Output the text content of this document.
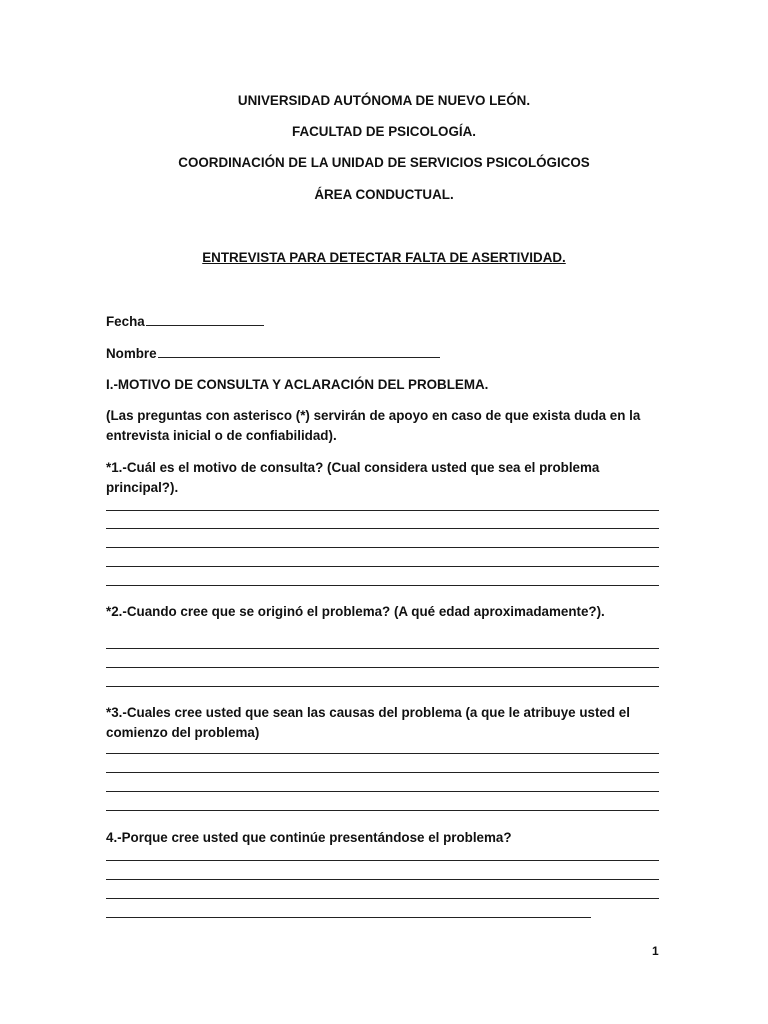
UNIVERSIDAD AUTÓNOMA DE NUEVO LEÓN.
FACULTAD DE PSICOLOGÍA.
COORDINACIÓN DE LA UNIDAD DE SERVICIOS PSICOLÓGICOS
ÁREA CONDUCTUAL.
ENTREVISTA PARA DETECTAR FALTA DE ASERTIVIDAD.
Fecha
Nombre
I.-MOTIVO DE CONSULTA Y ACLARACIÓN DEL PROBLEMA.
(Las preguntas con asterisco (*) servirán de apoyo en caso de que exista duda en la entrevista inicial o de confiabilidad).
*1.-Cuál es el motivo de consulta? (Cual considera usted que sea el problema principal?).
*2.-Cuando cree que se originó el problema? (A qué edad aproximadamente?).
*3.-Cuales cree usted que sean las causas del problema (a que le atribuye usted el comienzo del problema)
4.-Porque cree usted que continúe presentándose el problema?
1
